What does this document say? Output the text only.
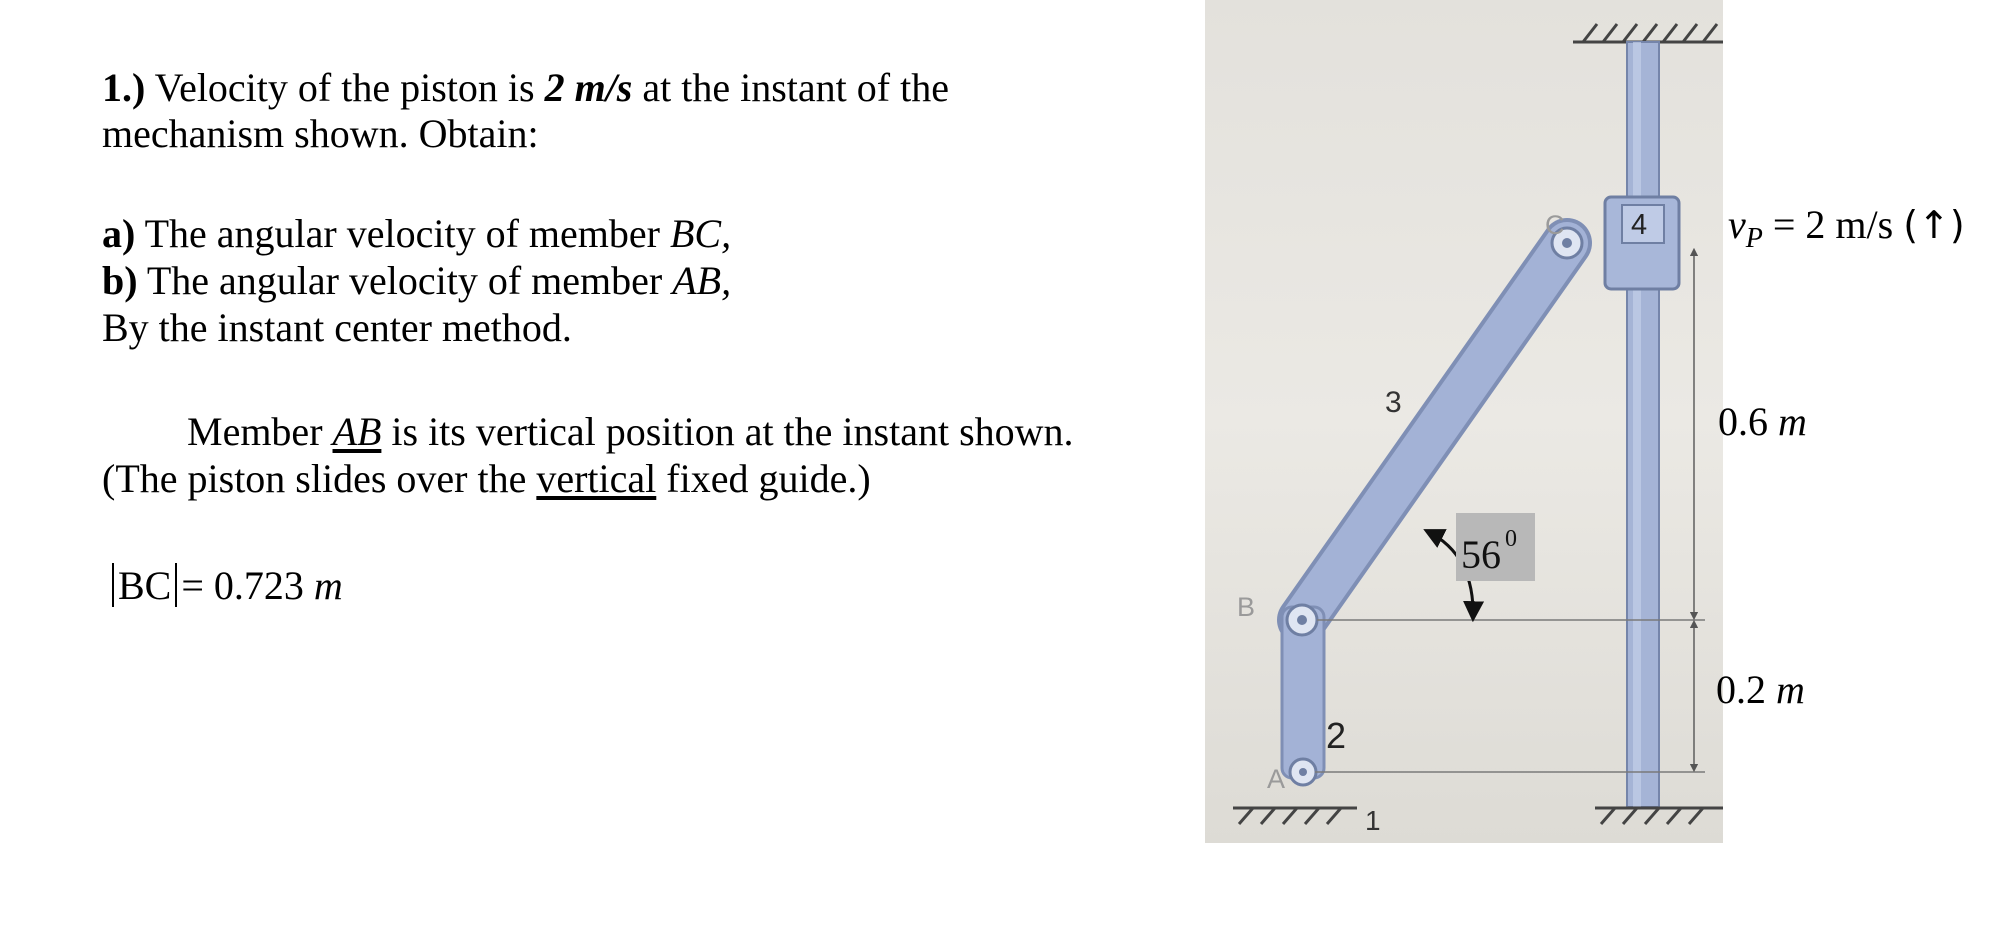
1.) Velocity of the piston is 2 m/s at the instant of the
mechanism shown. Obtain:
a) The angular velocity of member BC,
b) The angular velocity of member AB,
By the instant center method.
Member AB is its vertical position at the instant shown.
(The piston slides over the vertical fixed guide.)
BC = 0.723 m
56 0
A
B
C
1
3
2
4 $v_P = 2$ m/s (↑)
0.6 m
0.2 m
